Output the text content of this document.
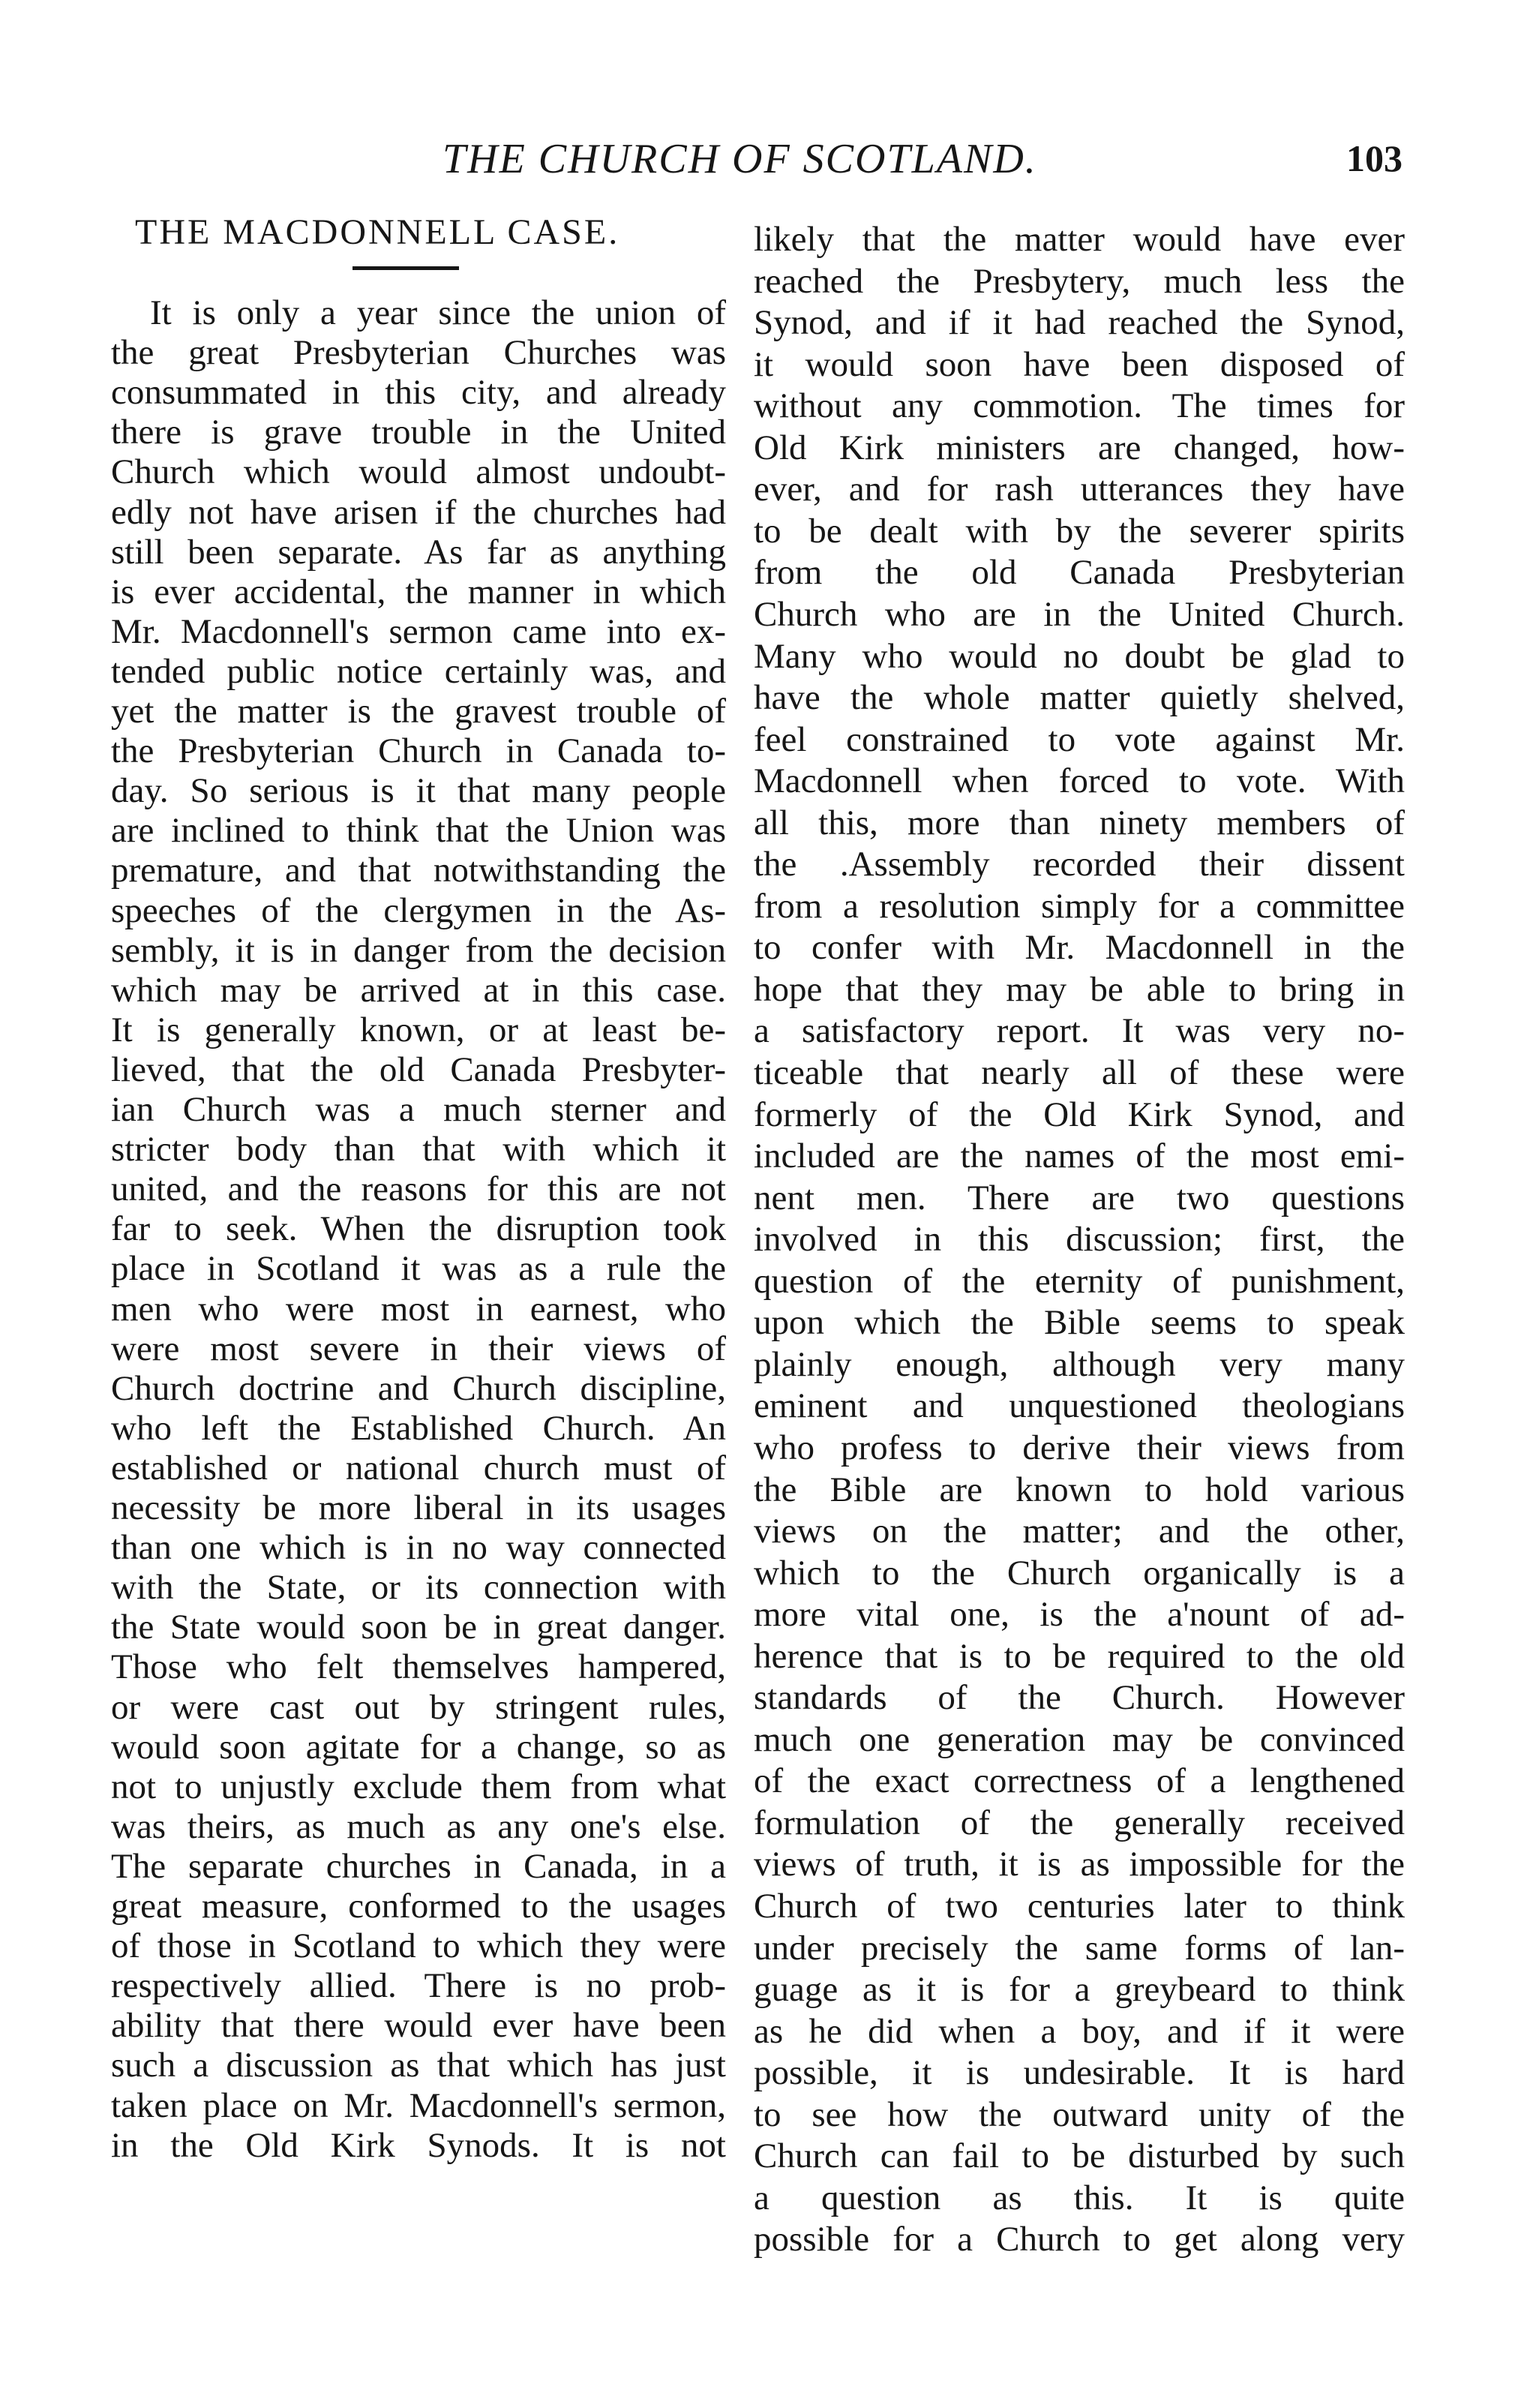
THE CHURCH OF SCOTLAND.	103
THE MACDONNELL CASE.
It is only a year since the union of
the great Presbyterian Churches was
consummated in this city, and already
there is grave trouble in the United
Church which would almost undoubt-
edly not have arisen if the churches had
still been separate. As far as anything
is ever accidental, the manner in which
Mr. Macdonnell's sermon came into ex-
tended public notice certainly was, and
yet the matter is the gravest trouble of
the Presbyterian Church in Canada to-
day. So serious is it that many people
are inclined to think that the Union was
premature, and that notwithstanding the
speeches of the clergymen in the As-
sembly, it is in danger from the decision
which may be arrived at in this case.
It is generally known, or at least be-
lieved, that the old Canada Presbyter-
ian Church was a much sterner and
stricter body than that with which it
united, and the reasons for this are not
far to seek. When the disruption took
place in Scotland it was as a rule the
men who were most in earnest, who
were most severe in their views of
Church doctrine and Church discipline,
who left the Established Church. An
established or national church must of
necessity be more liberal in its usages
than one which is in no way connected
with the State, or its connection with
the State would soon be in great danger.
Those who felt themselves hampered,
or were cast out by stringent rules,
would soon agitate for a change, so as
not to unjustly exclude them from what
was theirs, as much as any one's else.
The separate churches in Canada, in a
great measure, conformed to the usages
of those in Scotland to which they were
respectively allied. There is no prob-
ability that there would ever have been
such a discussion as that which has just
taken place on Mr. Macdonnell's sermon,
in the Old Kirk Synods. It is not
likely that the matter would have ever
reached the Presbytery, much less the
Synod, and if it had reached the Synod,
it would soon have been disposed of
without any commotion. The times for
Old Kirk ministers are changed, how-
ever, and for rash utterances they have
to be dealt with by the severer spirits
from the old Canada Presbyterian
Church who are in the United Church.
Many who would no doubt be glad to
have the whole matter quietly shelved,
feel constrained to vote against Mr.
Macdonnell when forced to vote. With
all this, more than ninety members of
the .Assembly recorded their dissent
from a resolution simply for a committee
to confer with Mr. Macdonnell in the
hope that they may be able to bring in
a satisfactory report. It was very no-
ticeable that nearly all of these were
formerly of the Old Kirk Synod, and
included are the names of the most emi-
nent men. There are two questions
involved in this discussion; first, the
question of the eternity of punishment,
upon which the Bible seems to speak
plainly enough, although very many
eminent and unquestioned theologians
who profess to derive their views from
the Bible are known to hold various
views on the matter; and the other,
which to the Church organically is a
more vital one, is the a'nount of ad-
herence that is to be required to the old
standards of the Church. However
much one generation may be convinced
of the exact correctness of a lengthened
formulation of the generally received
views of truth, it is as impossible for the
Church of two centuries later to think
under precisely the same forms of lan-
guage as it is for a greybeard to think
as he did when a boy, and if it were
possible, it is undesirable. It is hard
to see how the outward unity of the
Church can fail to be disturbed by such
a question as this. It is quite
possible for a Church to get along very
